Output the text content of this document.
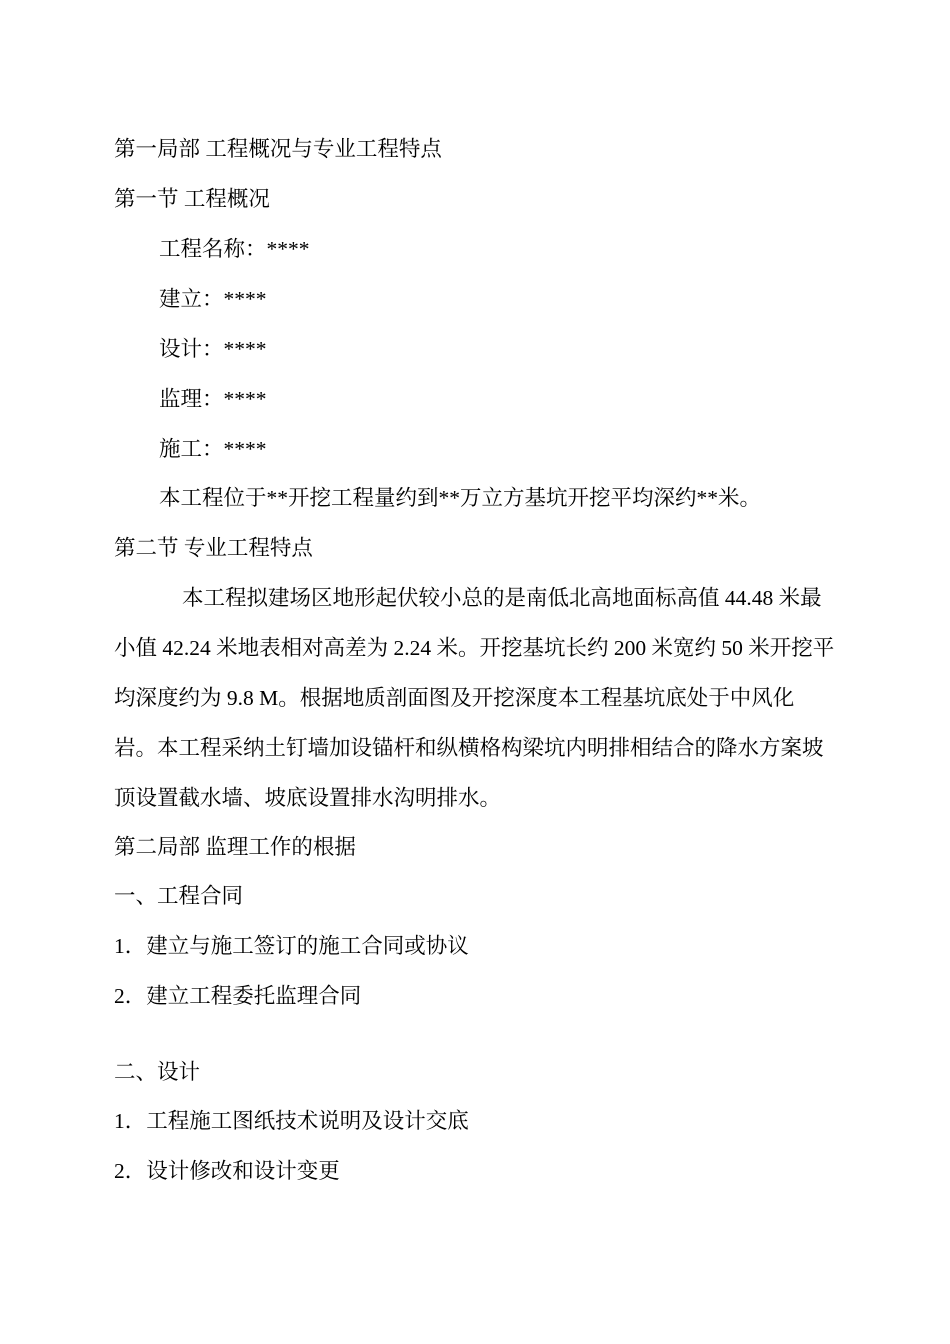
第一局部 工程概况与专业工程特点
第一节 工程概况
工程名称：****
建立：****
设计：****
监理：****
施工：****
本工程位于**开挖工程量约到**万立方基坑开挖平均深约**米。
第二节 专业工程特点
本工程拟建场区地形起伏较小总的是南低北高地面标高值 44.48 米最
小值 42.24 米地表相对高差为 2.24 米。开挖基坑长约 200 米宽约 50 米开挖平
均深度约为 9.8 M。根据地质剖面图及开挖深度本工程基坑底处于中风化
岩。本工程采纳土钉墙加设锚杆和纵横格构梁坑内明排相结合的降水方案坡
顶设置截水墙、坡底设置排水沟明排水。
第二局部 监理工作的根据
一、工程合同
1．建立与施工签订的施工合同或协议
2．建立工程委托监理合同
二、设计
1．工程施工图纸技术说明及设计交底
2．设计修改和设计变更
